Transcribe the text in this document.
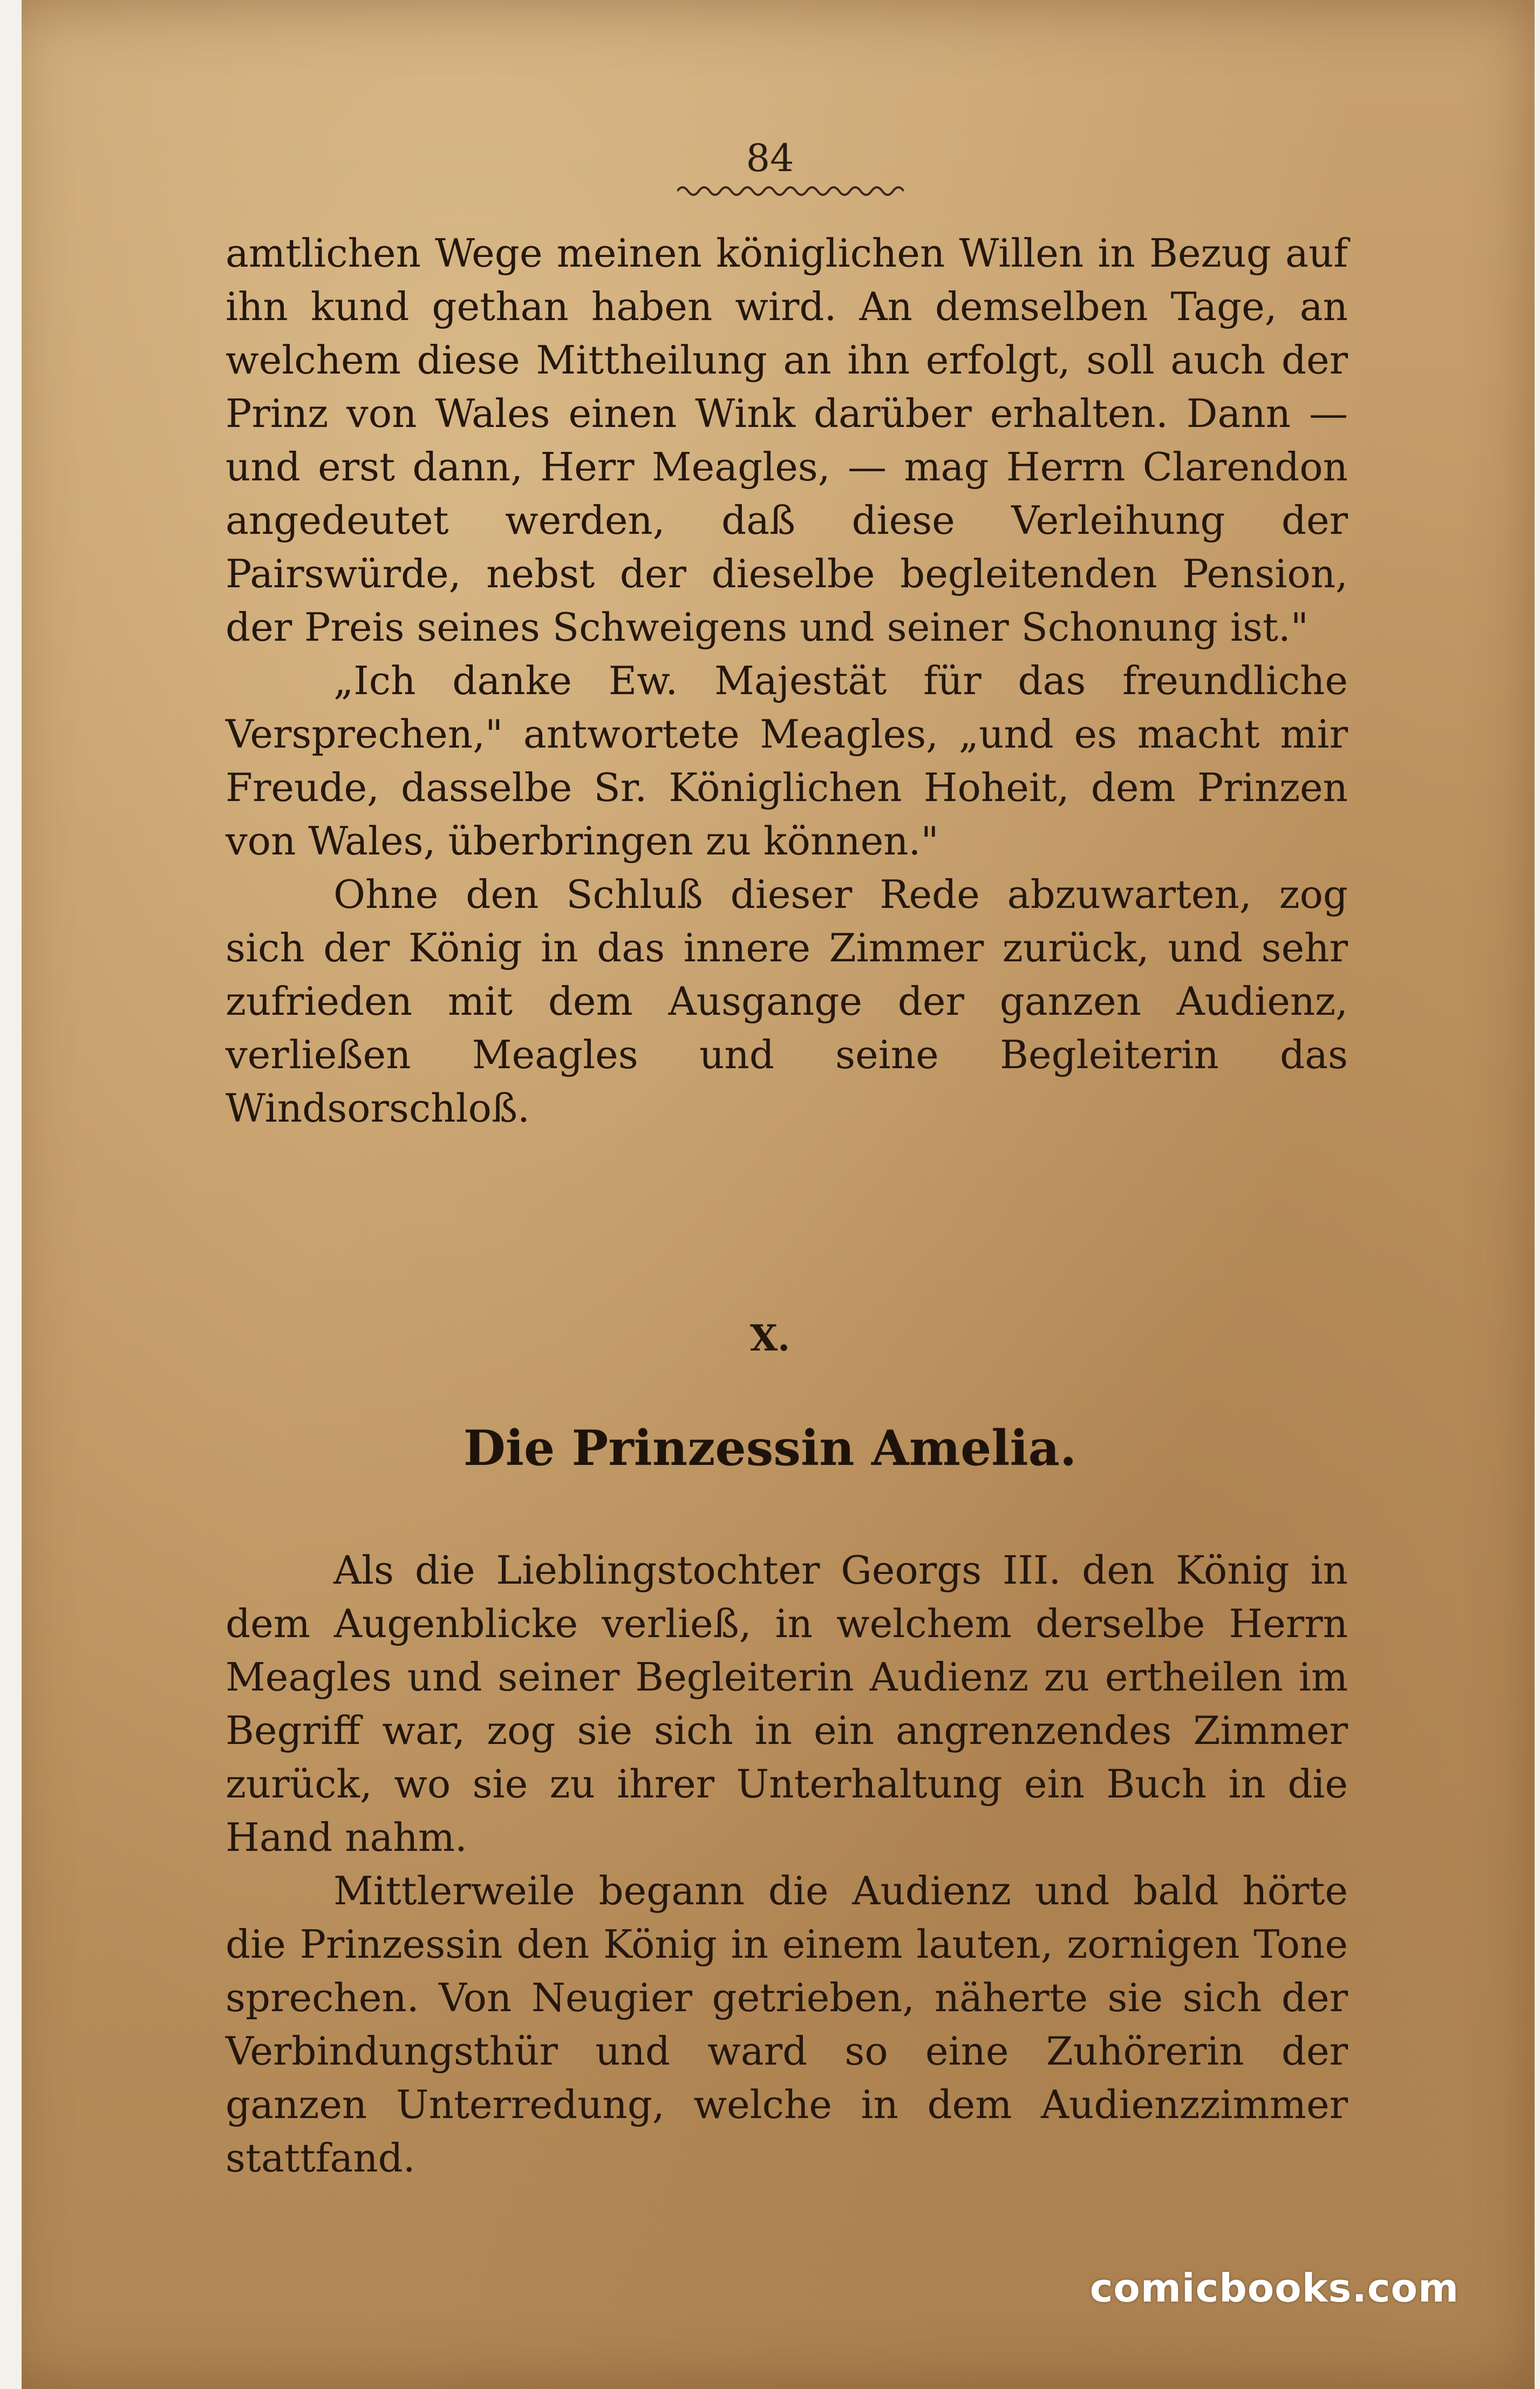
84

amtlichen Wege meinen königlichen Willen in Bezug auf ihn kund gethan haben wird. An demselben Tage, an welchem diese Mittheilung an ihn erfolgt, soll auch der Prinz von Wales einen Wink darüber erhalten. Dann — und erst dann, Herr Meagles, — mag Herrn Clarendon angedeutet werden, daß diese Verleihung der Pairswürde, nebst der dieselbe begleitenden Pension, der Preis seines Schweigens und seiner Schonung ist."

„Ich danke Ew. Majestät für das freundliche Versprechen," antwortete Meagles, „und es macht mir Freude, dasselbe Sr. Königlichen Hoheit, dem Prinzen von Wales, überbringen zu können."

Ohne den Schluß dieser Rede abzuwarten, zog sich der König in das innere Zimmer zurück, und sehr zufrieden mit dem Ausgange der ganzen Audienz, verließen Meagles und seine Begleiterin das Windsorschloß.

X.
Die Prinzessin Amelia.

Als die Lieblingstochter Georgs III. den König in dem Augenblicke verließ, in welchem derselbe Herrn Meagles und seiner Begleiterin Audienz zu ertheilen im Begriff war, zog sie sich in ein angrenzendes Zimmer zurück, wo sie zu ihrer Unterhaltung ein Buch in die Hand nahm.

Mittlerweile begann die Audienz und bald hörte die Prinzessin den König in einem lauten, zornigen Tone sprechen. Von Neugier getrieben, näherte sie sich der Verbindungsthür und ward so eine Zuhörerin der ganzen Unterredung, welche in dem Audienzzimmer stattfand.

comicbooks.com
